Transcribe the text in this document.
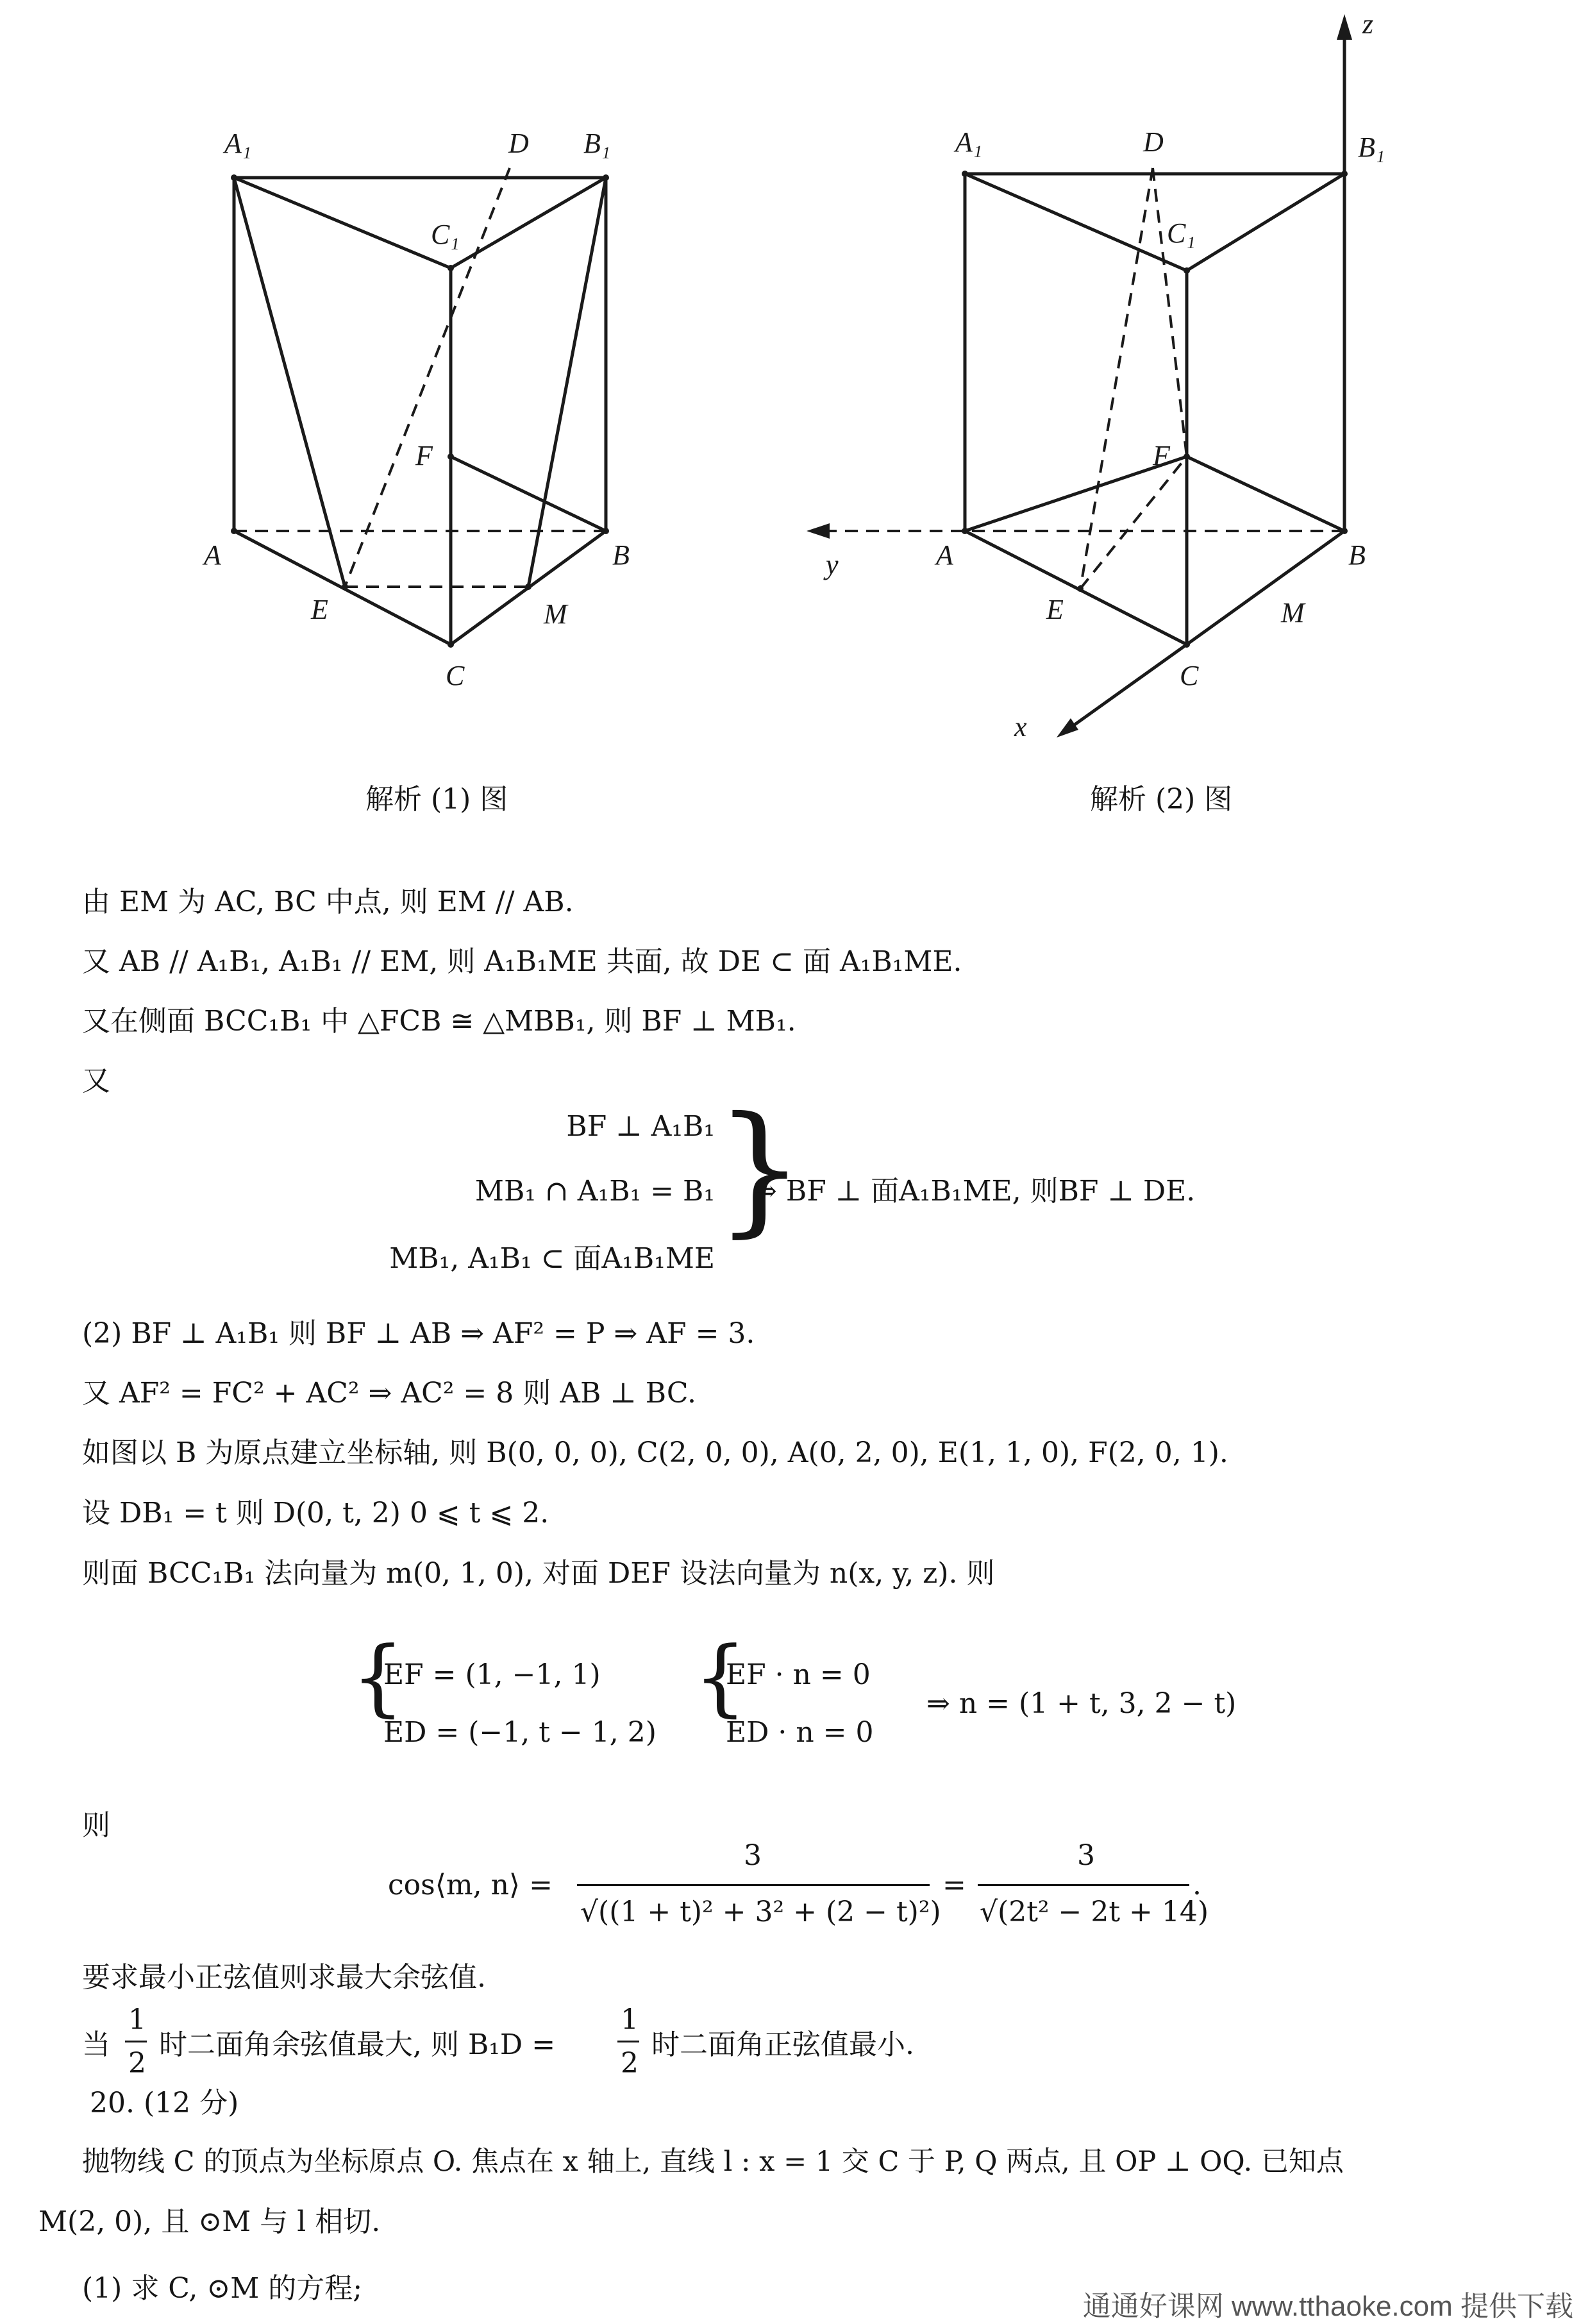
A₁	D B₁
C₁
F
A	B
E	M
C
解析 (1) 图
z
A₁	D	B₁
C₁
F
A	B
y
E	M
C
x
解析 (2) 图
由 EM 为 AC, BC 中点, 则 EM // AB.
又 AB // A₁B₁, A₁B₁ // EM, 则 A₁B₁ME 共面, 故 DE ⊂ 面 A₁B₁ME.
又在侧面 BCC₁B₁ 中 △FCB ≅ △MBB₁, 则 BF ⊥ MB₁.
又
BF ⊥ A₁B₁
MB₁ ∩ A₁B₁ = B₁
MB₁, A₁B₁ ⊂ 面A₁B₁ME
}
⇒ BF ⊥ 面A₁B₁ME, 则BF ⊥ DE.
(2) BF ⊥ A₁B₁ 则 BF ⊥ AB ⇒ AF² = P ⇒ AF = 3.
又 AF² = FC² + AC² ⇒ AC² = 8 则 AB ⊥ BC.
如图以 B 为原点建立坐标轴, 则 B(0, 0, 0), C(2, 0, 0), A(0, 2, 0), E(1, 1, 0), F(2, 0, 1).
设 DB₁ = t 则 D(0, t, 2) 0 ⩽ t ⩽ 2.
则面 BCC₁B₁ 法向量为 m(0, 1, 0), 对面 DEF 设法向量为 n(x, y, z). 则
{
EF = (1, −1, 1)
ED = (−1, t − 1, 2)
{
EF · n = 0
ED · n = 0
⇒ n = (1 + t, 3, 2 − t)
则
cos⟨m, n⟩ =
3
√((1 + t)² + 3² + (2 − t)²)
=
3
√(2t² − 2t + 14)
.
要求最小正弦值则求最大余弦值.
当
1
2
时二面角余弦值最大, 则 B₁D =
1
2
时二面角正弦值最小.
20. (12 分)
抛物线 C 的顶点为坐标原点 O. 焦点在 x 轴上, 直线 l : x = 1 交 C 于 P, Q 两点, 且 OP ⊥ OQ. 已知点
M(2, 0), 且 ⊙M 与 l 相切.
(1) 求 C, ⊙M 的方程;
通通好课网 www.tthaoke.com 提供下载
